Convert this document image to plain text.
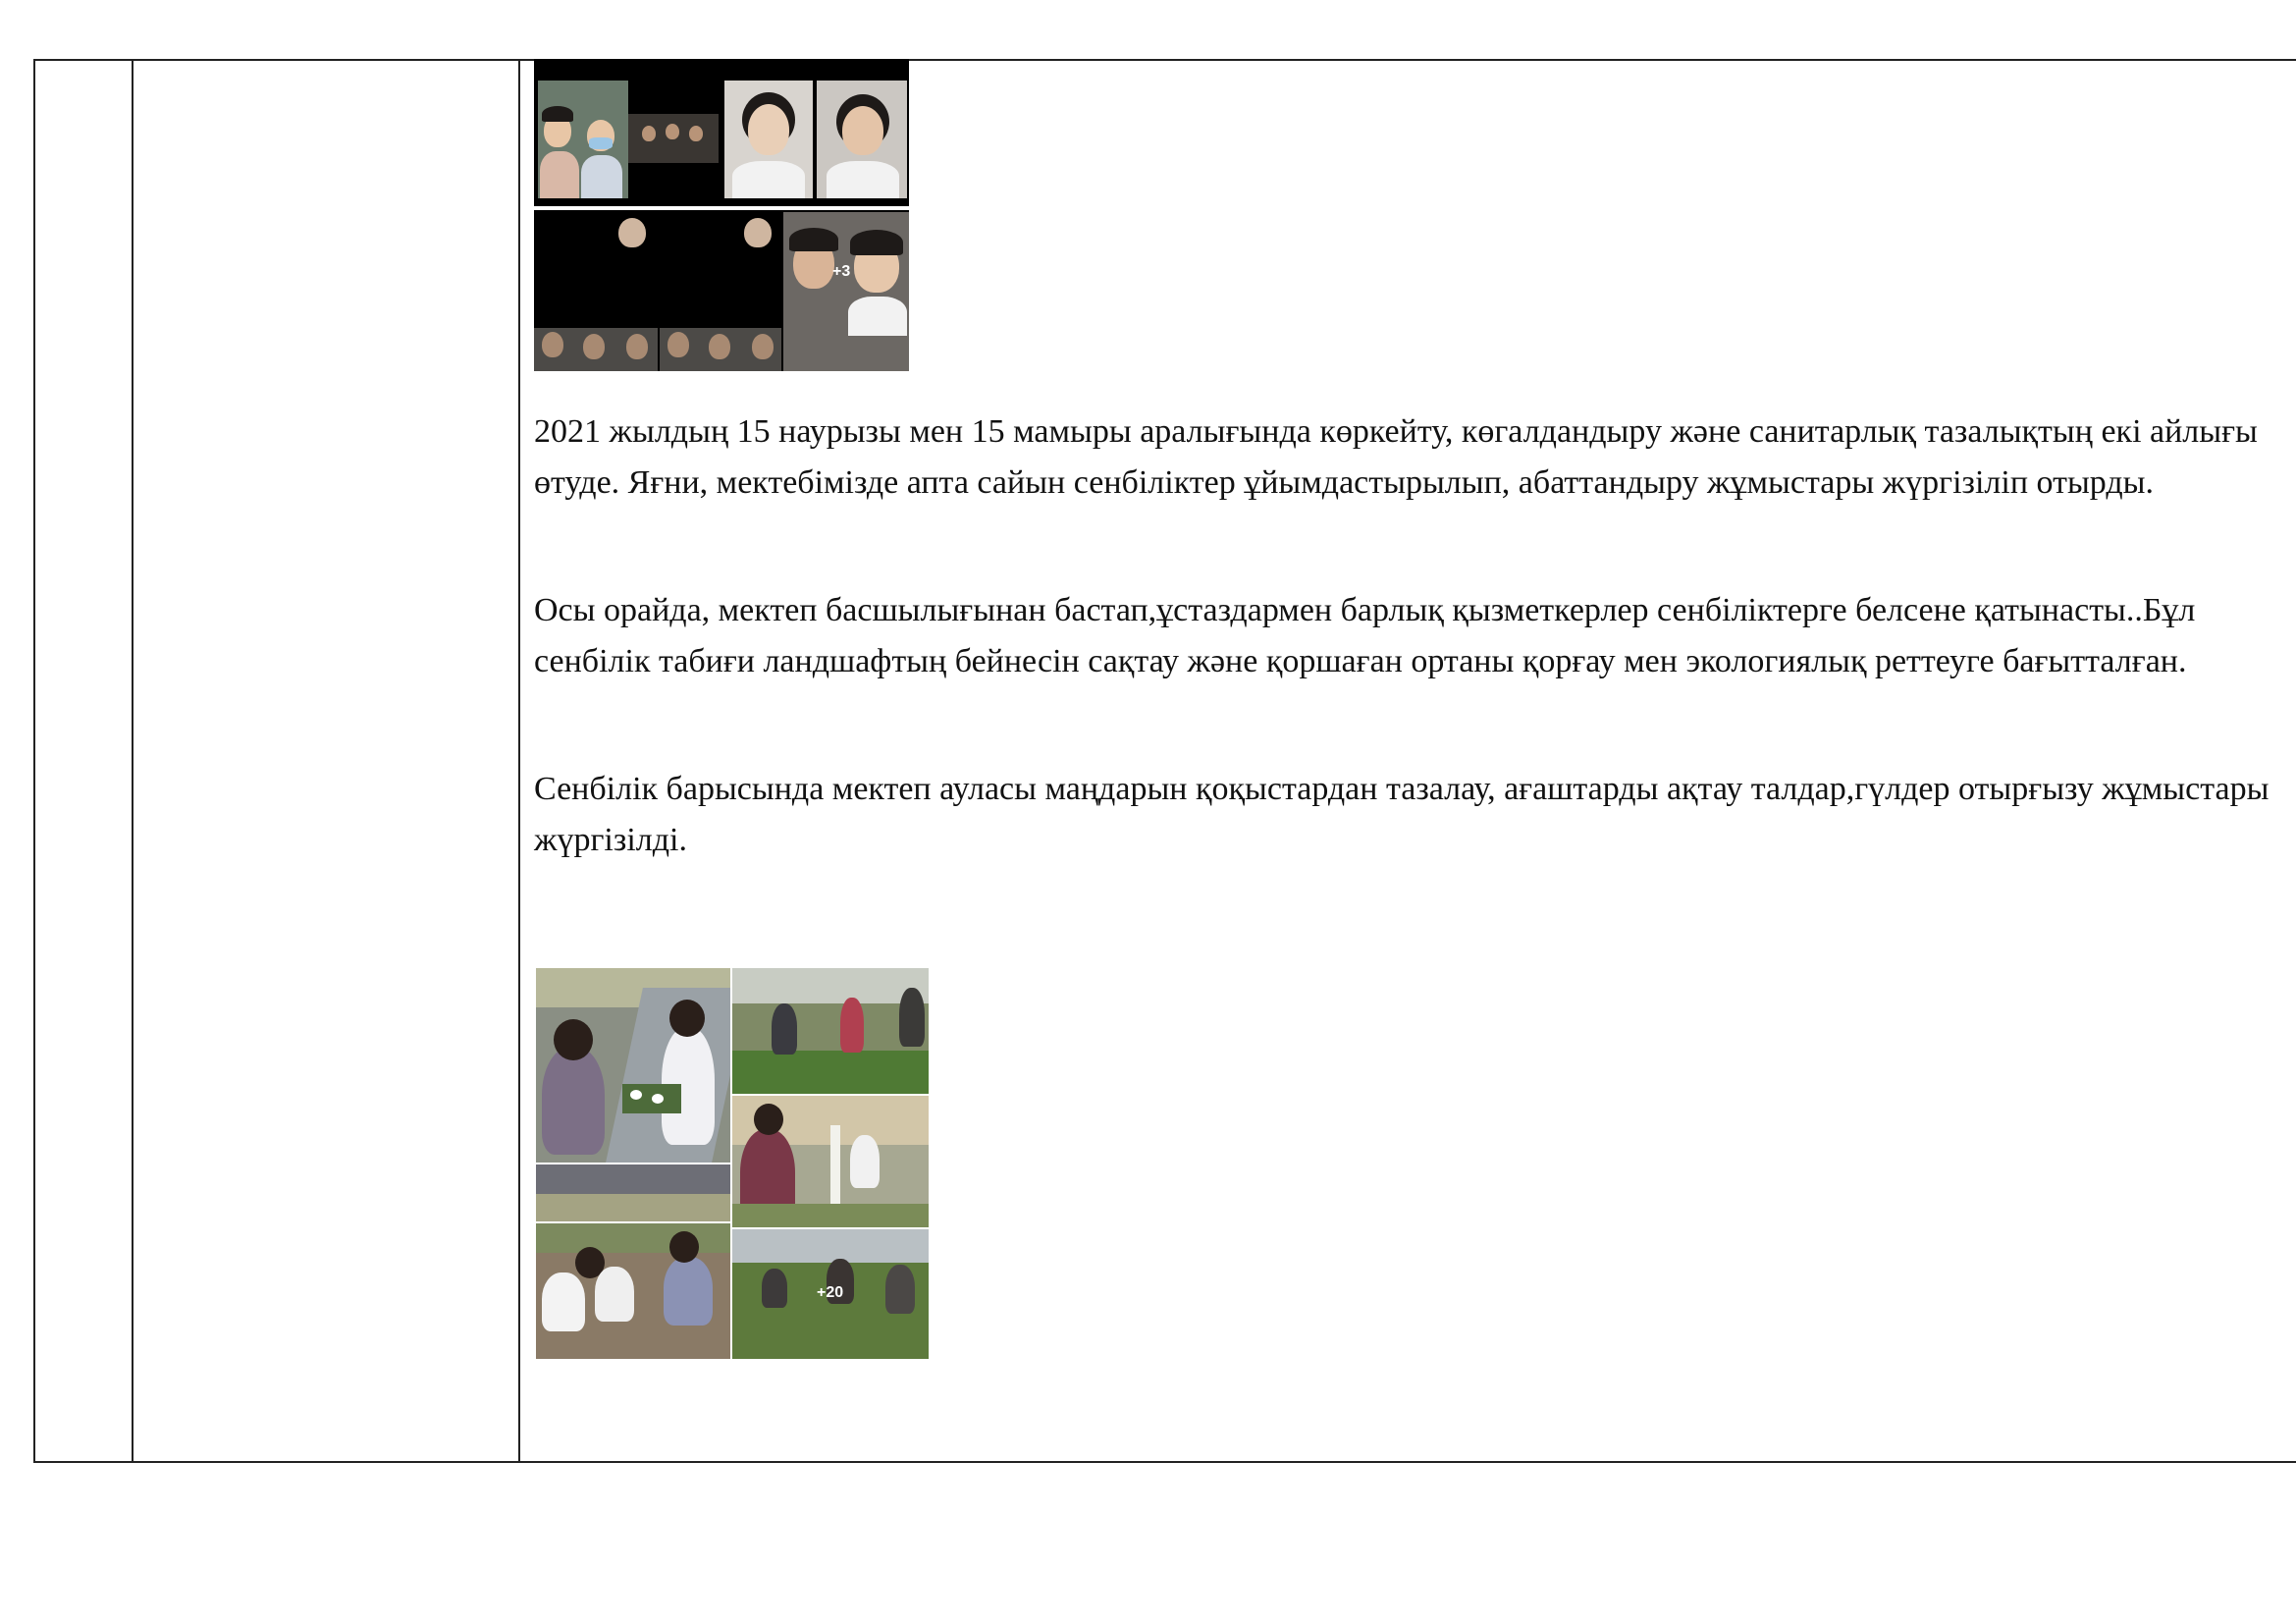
+3

2021 жылдың 15 наурызы мен 15 мамыры аралығында көркейту, көгалдандыру және санитарлық тазалықтың екі айлығы өтуде. Яғни, мектебімізде апта сайын сенбіліктер ұйымдастырылып, абаттандыру жұмыстары жүргізіліп отырды.

Осы орайда, мектеп басшылығынан бастап,ұстаздармен барлық қызметкерлер сенбіліктерге белсене қатынасты..Бұл сенбілік табиғи ландшафтың бейнесін сақтау және қоршаған ортаны қорғау мен экологиялық реттеуге бағытталған.

Сенбілік барысында мектеп ауласы маңдарын қоқыстардан тазалау, ағаштарды ақтау талдар,гүлдер отырғызу жұмыстары жүргізілді.

+20
